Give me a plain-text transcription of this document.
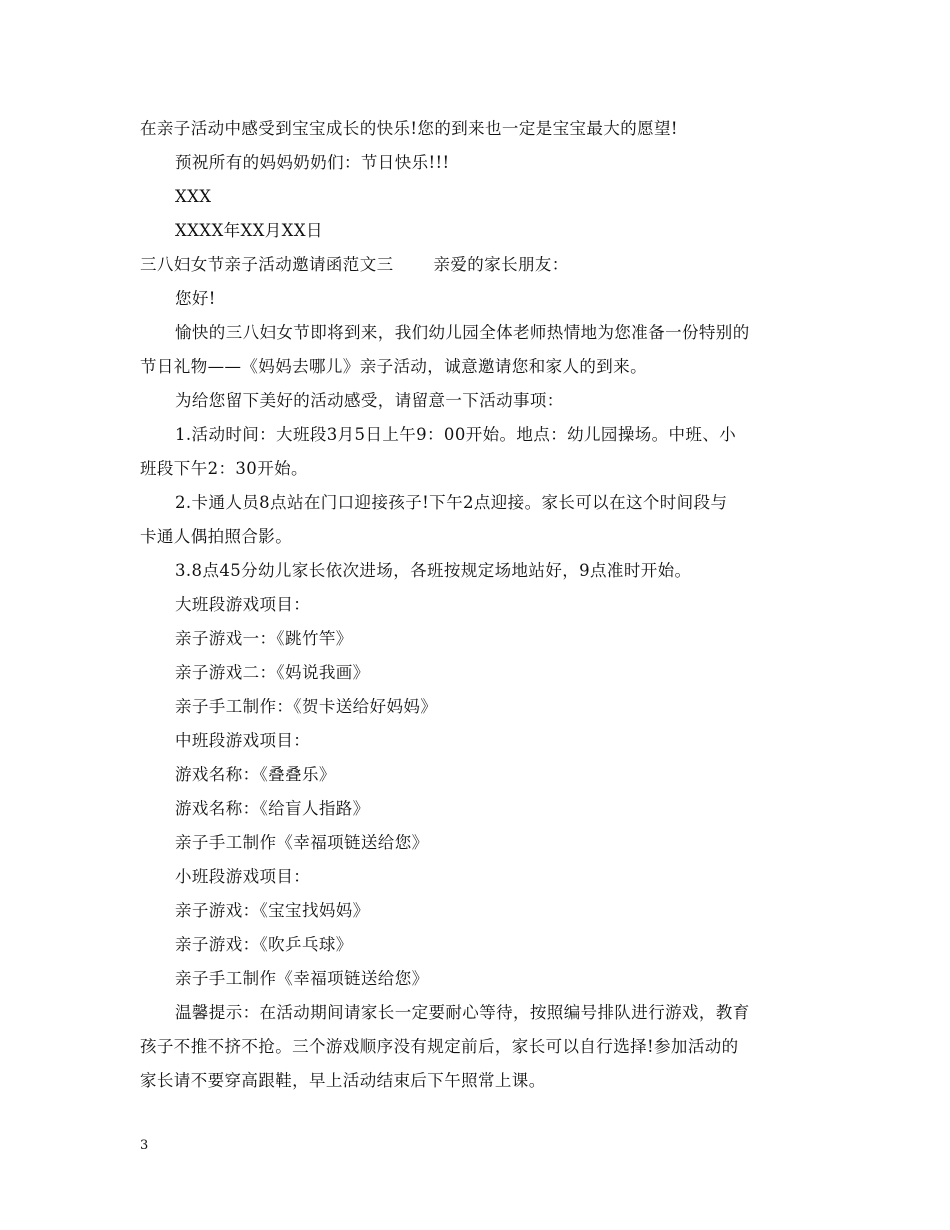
在亲子活动中感受到宝宝成长的快乐!您的到来也一定是宝宝最大的愿望!
预祝所有的妈妈奶奶们：节日快乐!!!
XXX
XXXX年XX月XX日
三八妇女节亲子活动邀请函范文三 亲爱的家长朋友：
您好!
愉快的三八妇女节即将到来，我们幼儿园全体老师热情地为您准备一份特别的
节日礼物——《妈妈去哪儿》亲子活动，诚意邀请您和家人的到来。
为给您留下美好的活动感受，请留意一下活动事项：
1.活动时间：大班段3月5日上午9：00开始。地点：幼儿园操场。中班、小
班段下午2：30开始。
2.卡通人员8点站在门口迎接孩子!下午2点迎接。家长可以在这个时间段与
卡通人偶拍照合影。
3.8点45分幼儿家长依次进场，各班按规定场地站好，9点准时开始。
大班段游戏项目：
亲子游戏一：《跳竹竿》
亲子游戏二：《妈说我画》
亲子手工制作：《贺卡送给好妈妈》
中班段游戏项目：
游戏名称：《叠叠乐》
游戏名称：《给盲人指路》
亲子手工制作《幸福项链送给您》
小班段游戏项目：
亲子游戏：《宝宝找妈妈》
亲子游戏：《吹乒乓球》
亲子手工制作《幸福项链送给您》
温馨提示：在活动期间请家长一定要耐心等待，按照编号排队进行游戏，教育
孩子不推不挤不抢。三个游戏顺序没有规定前后，家长可以自行选择!参加活动的
家长请不要穿高跟鞋，早上活动结束后下午照常上课。
3
